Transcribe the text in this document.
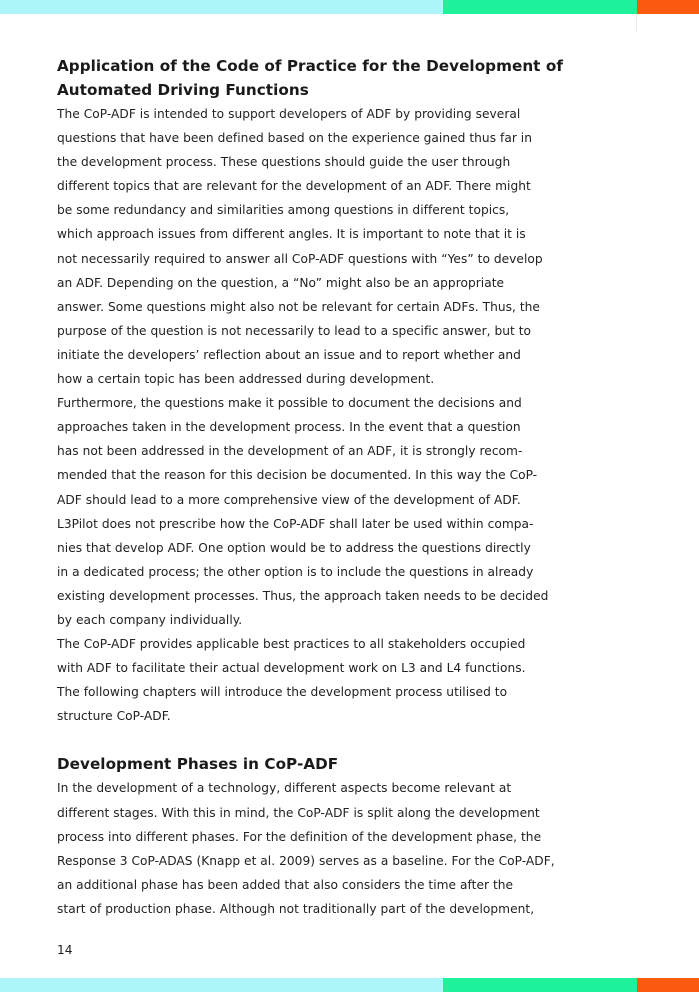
Application of the Code of Practice for the Development of
Automated Driving Functions

The CoP-ADF is intended to support developers of ADF by providing several
questions that have been defined based on the experience gained thus far in
the development process. These questions should guide the user through
different topics that are relevant for the development of an ADF. There might
be some redundancy and similarities among questions in different topics,
which approach issues from different angles. It is important to note that it is
not necessarily required to answer all CoP-ADF questions with “Yes” to develop
an ADF. Depending on the question, a “No” might also be an appropriate
answer. Some questions might also not be relevant for certain ADFs. Thus, the
purpose of the question is not necessarily to lead to a specific answer, but to
initiate the developers’ reflection about an issue and to report whether and
how a certain topic has been addressed during development.

Furthermore, the questions make it possible to document the decisions and
approaches taken in the development process. In the event that a question
has not been addressed in the development of an ADF, it is strongly recom-
mended that the reason for this decision be documented. In this way the CoP-
ADF should lead to a more comprehensive view of the development of ADF.

L3Pilot does not prescribe how the CoP-ADF shall later be used within compa-
nies that develop ADF. One option would be to address the questions directly
in a dedicated process; the other option is to include the questions in already
existing development processes. Thus, the approach taken needs to be decided
by each company individually.

The CoP-ADF provides applicable best practices to all stakeholders occupied
with ADF to facilitate their actual development work on L3 and L4 functions.
The following chapters will introduce the development process utilised to
structure CoP-ADF.

Development Phases in CoP-ADF

In the development of a technology, different aspects become relevant at
different stages. With this in mind, the CoP-ADF is split along the development
process into different phases. For the definition of the development phase, the
Response 3 CoP-ADAS (Knapp et al. 2009) serves as a baseline. For the CoP-ADF,
an additional phase has been added that also considers the time after the
start of production phase. Although not traditionally part of the development,

14
